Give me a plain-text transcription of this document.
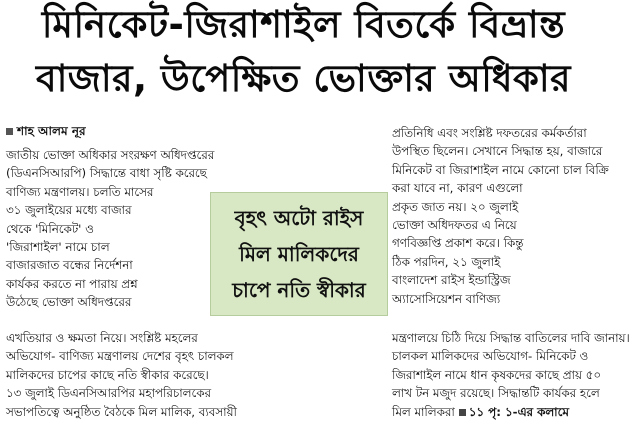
মিনিকেট-জিরাশাইল বিতর্কে বিভ্রান্ত
বাজার, উপেক্ষিত ভোক্তার অধিকার
শাহ আলম নূর

জাতীয় ভোক্তা অধিকার সংরক্ষণ অধিদপ্তরের

(ডিএনসিআরপি) সিদ্ধান্তে বাধা সৃষ্টি করেছে

বাণিজ্য মন্ত্রণালয়। চলতি মাসের

৩১ জুলাইয়ের মধ্যে বাজার

থেকে 'মিনিকেট' ও

'জিরাশাইল' নামে চাল

বাজারজাত বন্ধের নির্দেশনা

কার্যকর করতে না পারায় প্রশ্ন

উঠেছে ভোক্তা অধিদপ্তরের

বৃহৎ অটো রাইস

মিল মালিকদের

চাপে নতি স্বীকার

প্রতিনিধি এবং সংশ্লিষ্ট দফতরের কর্মকর্তারা

উপস্থিত ছিলেন। সেখানে সিদ্ধান্ত হয়, বাজারে

মিনিকেট বা জিরাশাইল নামে কোনো চাল বিক্রি

করা যাবে না, কারণ এগুলো

প্রকৃত জাত নয়। ২০ জুলাই

ভোক্তা অধিদফতর এ নিয়ে

গণবিজ্ঞপ্তি প্রকাশ করে। কিন্তু

ঠিক পরদিন, ২১ জুলাই

বাংলাদেশ রাইস ইন্ডাস্ট্রিজ

অ্যাসোসিয়েশন বাণিজ্য

এখতিয়ার ও ক্ষমতা নিয়ে। সংশ্লিষ্ট মহলের	মন্ত্রণালয়ে চিঠি দিয়ে সিদ্ধান্ত বাতিলের দাবি জানায়।

অভিযোগ- বাণিজ্য মন্ত্রণালয় দেশের বৃহৎ চালকল	চালকল মালিকদের অভিযোগ- মিনিকেট ও

মালিকদের চাপের কাছে নতি স্বীকার করেছে।	জিরাশাইল নামে ধান কৃষকদের কাছে প্রায় ৫০

১৩ জুলাই ডিএনসিআরপির মহাপরিচালকের	লাখ টন মজুদ রয়েছে। সিদ্ধান্তটি কার্যকর হলে

সভাপতিত্বে অনুষ্ঠিত বৈঠকে মিল মালিক, ব্যবসায়ী	মিল মালিকরা ১১ পৃ: ১-এর কলামে
